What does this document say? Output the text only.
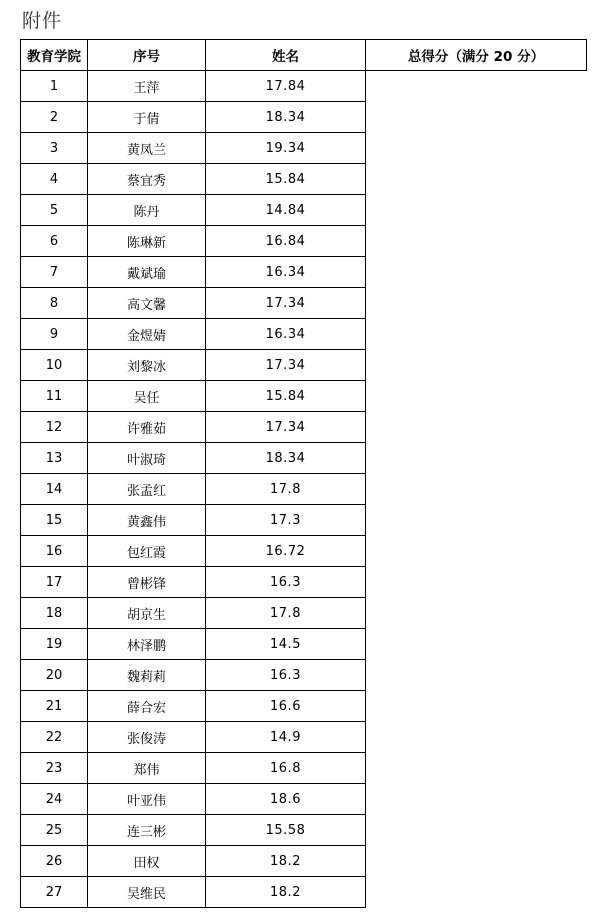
附件
教育学院	序号	姓名	总得分（满分 20 分）
1	王萍	17.84	
2	于倩	18.34	
3	黄凤兰	19.34	
4	蔡宜秀	15.84	
5	陈丹	14.84	
6	陈琳新	16.84	
7	戴斌瑜	16.34	
8	高文馨	17.34	
9	金煜婧	16.34	
10	刘黎冰	17.34	
11	吴任	15.84	
12	许雅茹	17.34	
13	叶淑琦	18.34	
14	张孟红	17.8	
15	黄鑫伟	17.3	
16	包红霞	16.72	
17	曾彬锋	16.3	
18	胡京生	17.8	
19	林泽鹏	14.5	
20	魏莉莉	16.3	
21	薛合宏	16.6	
22	张俊涛	14.9	
23	郑伟	16.8	
24	叶亚伟	18.6	
25	连三彬	15.58	
26	田权	18.2	
27	吴维民	18.2	
